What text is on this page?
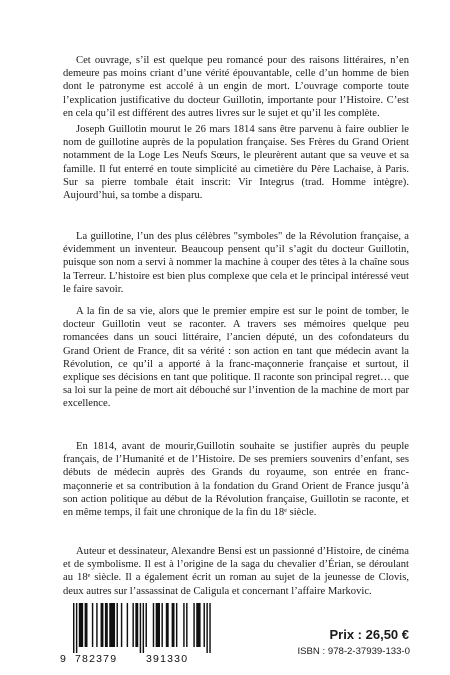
Cet ouvrage, s’il est quelque peu romancé pour des raisons littéraires, n’en demeure pas moins criant d’une vérité épouvantable, celle d’un homme de bien dont le patronyme est accolé à un engin de mort. L’ouvrage comporte toute l’explication justificative du docteur Guillotin, importante pour l’Histoire. C’est en cela qu’il est différent des autres livres sur le sujet et qu’il les complète.
Joseph Guillotin mourut le 26 mars 1814 sans être parvenu à faire oublier le nom de guillotine auprès de la population française. Ses Frères du Grand Orient notamment de la Loge Les Neufs Sœurs, le pleurèrent autant que sa veuve et sa famille. Il fut enterré en toute simplicité au cimetière du Père Lachaise, à Paris. Sur sa pierre tombale était inscrit: Vir Integrus (trad. Homme intègre). Aujourd’hui, sa tombe a disparu.
La guillotine, l’un des plus célèbres "symboles" de la Révolution française, a évidemment un inventeur. Beaucoup pensent qu’il s’agit du docteur Guillotin, puisque son nom a servi à nommer la machine à couper des têtes à la chaîne sous la Terreur. L’histoire est bien plus complexe que cela et le principal intéressé veut le faire savoir.
A la fin de sa vie, alors que le premier empire est sur le point de tomber, le docteur Guillotin veut se raconter. A travers ses mémoires quelque peu romancées dans un souci littéraire, l’ancien député, un des cofondateurs du Grand Orient de France, dit sa vérité : son action en tant que médecin avant la Révolution, ce qu’il a apporté à la franc-maçonnerie française et surtout, il explique ses décisions en tant que politique. Il raconte son principal regret… que sa loi sur la peine de mort ait débouché sur l’invention de la machine de mort par excellence.
En 1814, avant de mourir,Guillotin souhaite se justifier auprès du peuple français, de l’Humanité et de l’Histoire. De ses premiers souvenirs d’enfant, ses débuts de médecin auprès des Grands du royaume, son entrée en franc-maçonnerie et sa contribution à la fondation du Grand Orient de France jusqu’à son action politique au début de la Révolution française, Guillotin se raconte, et en même temps, il fait une chronique de la fin du 18ᵉ siècle.
Auteur et dessinateur, Alexandre Bensi est un passionné d’Histoire, de cinéma et de symbolisme. Il est à l’origine de la saga du chevalier d’Érian, se déroulant au 18ᵉ siècle. Il a également écrit un roman au sujet de la jeunesse de Clovis, deux autres sur l’assassinat de Caligula et concernant l’affaire Markovic.
9 782379	391330
Prix : 26,50 €
ISBN : 978-2-37939-133-0
